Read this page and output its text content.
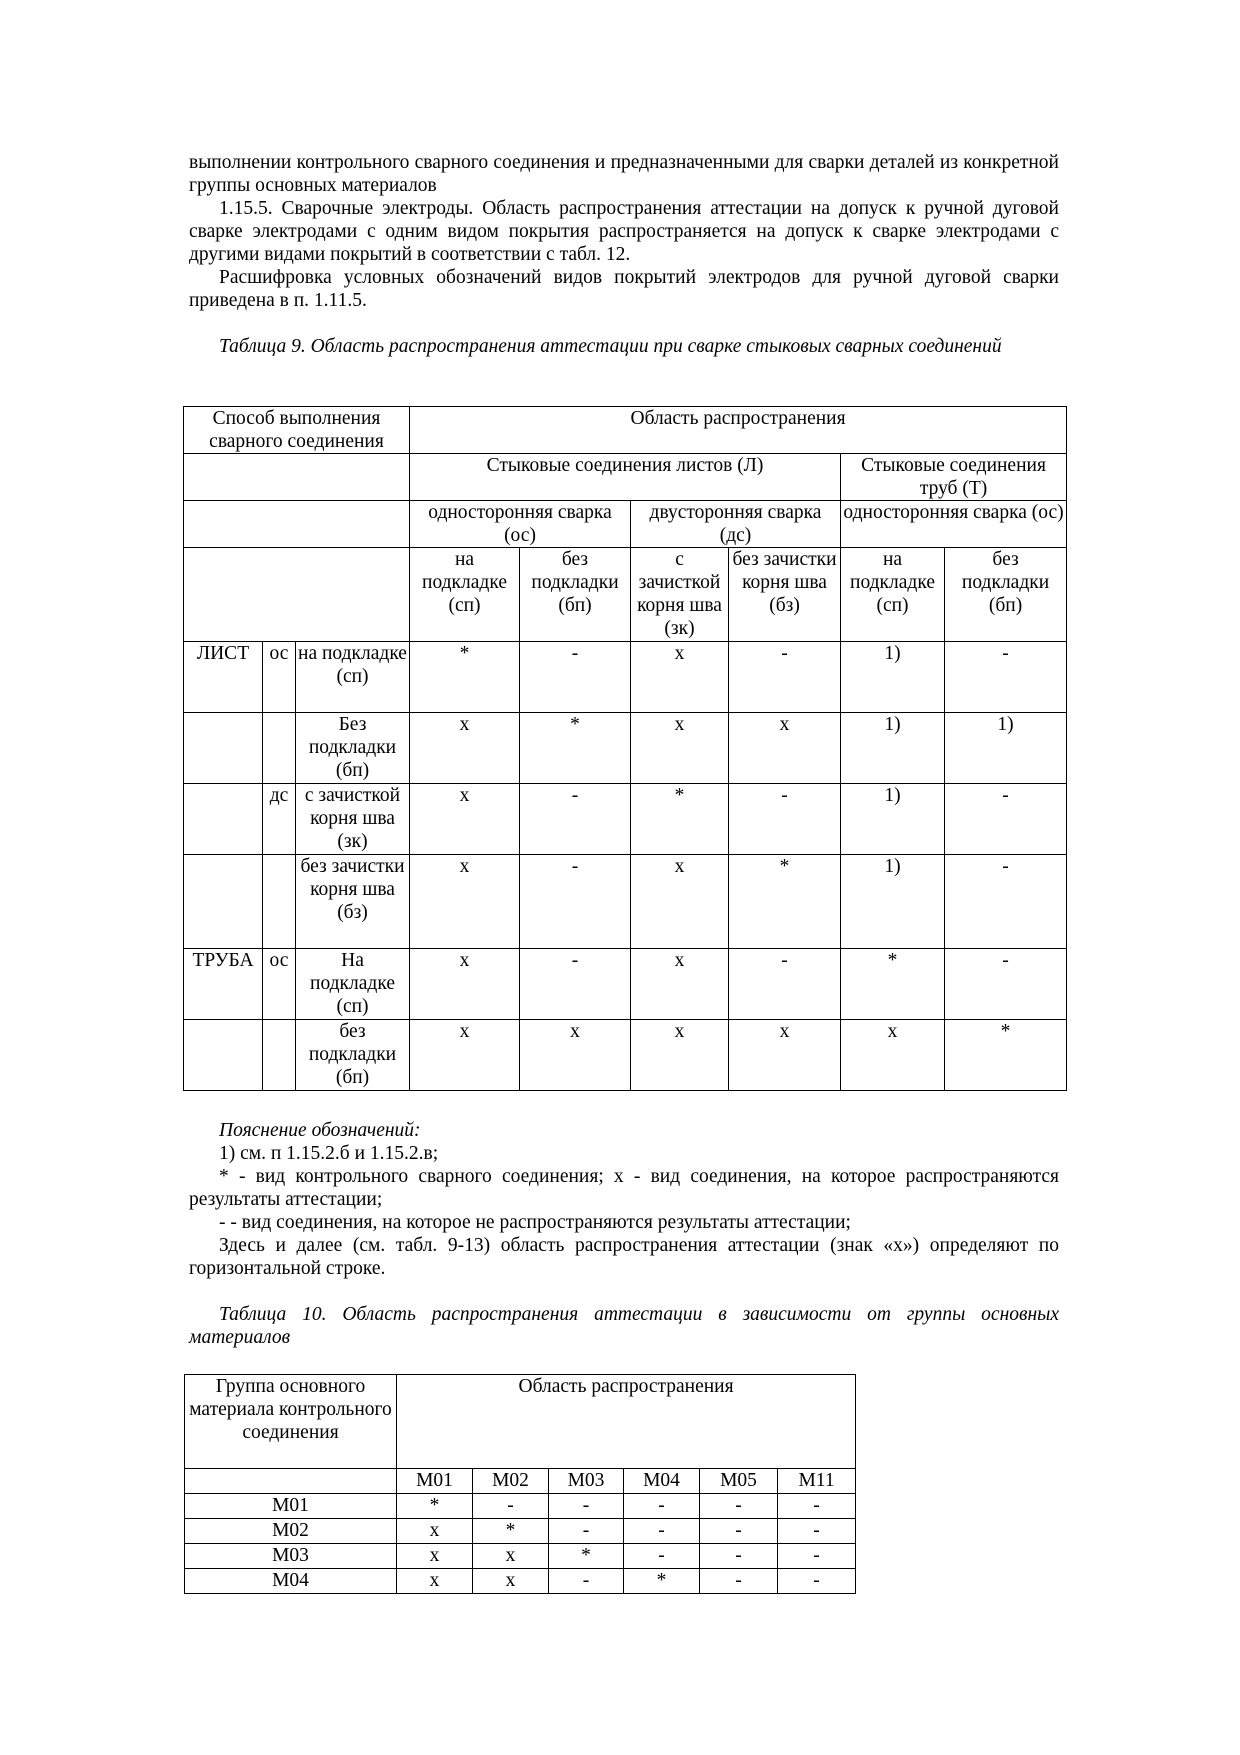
выполнении контрольного сварного соединения и предназначенными для сварки деталей из конкретной группы основных материалов

1.15.5. Сварочные электроды. Область распространения аттестации на допуск к ручной дуговой сварке электродами с одним видом покрытия распространяется на допуск к сварке электродами с другими видами покрытий в соответствии с табл. 12.

Расшифровка условных обозначений видов покрытий электродов для ручной дуговой сварки приведена в п. 1.11.5.

Таблица 9. Область распространения аттестации при сварке стыковых сварных соединений

Способ выполнения сварного соединения			Область распространения					
			Стыковые соединения листов (Л)				Стыковые соединения труб (Т)	
			односторонняя сварка (ос)		двусторонняя сварка (дс)		односторонняя сварка (ос)	
			на подкладке (сп)	без подкладки (бп)	с зачисткой корня шва (зк)	без зачистки корня шва (бз)	на подкладке (сп)	без подкладки (бп)
ЛИСТ	ос	на подкладке (сп)	*	-	х	-	1)	-
		Без подкладки (бп)	х	*	х	х	1)	1)
	дс	с зачисткой корня шва (зк)	х	-	*	-	1)	-
		без зачистки корня шва (бз)	х	-	х	*	1)	-
ТРУБА	ос	На подкладке (сп)	х	-	х	-	*	-
		без подкладки (бп)	х	х	х	х	х	*

Пояснение обозначений:

1) см. п 1.15.2.б и 1.15.2.в;

* - вид контрольного сварного соединения; х - вид соединения, на которое распространяются результаты аттестации;

- - вид соединения, на которое не распространяются результаты аттестации;

Здесь и далее (см. табл. 9-13) область распространения аттестации (знак «х») определяют по горизонтальной строке.

Таблица 10. Область распространения аттестации в зависимости от группы основных материалов

Группа основного материала контрольного соединения	Область распространения					
	М01	М02	М03	М04	М05	М11
М01	*	-	-	-	-	-
М02	х	*	-	-	-	-
М03	х	х	*	-	-	-
М04	х	х	-	*	-	-
